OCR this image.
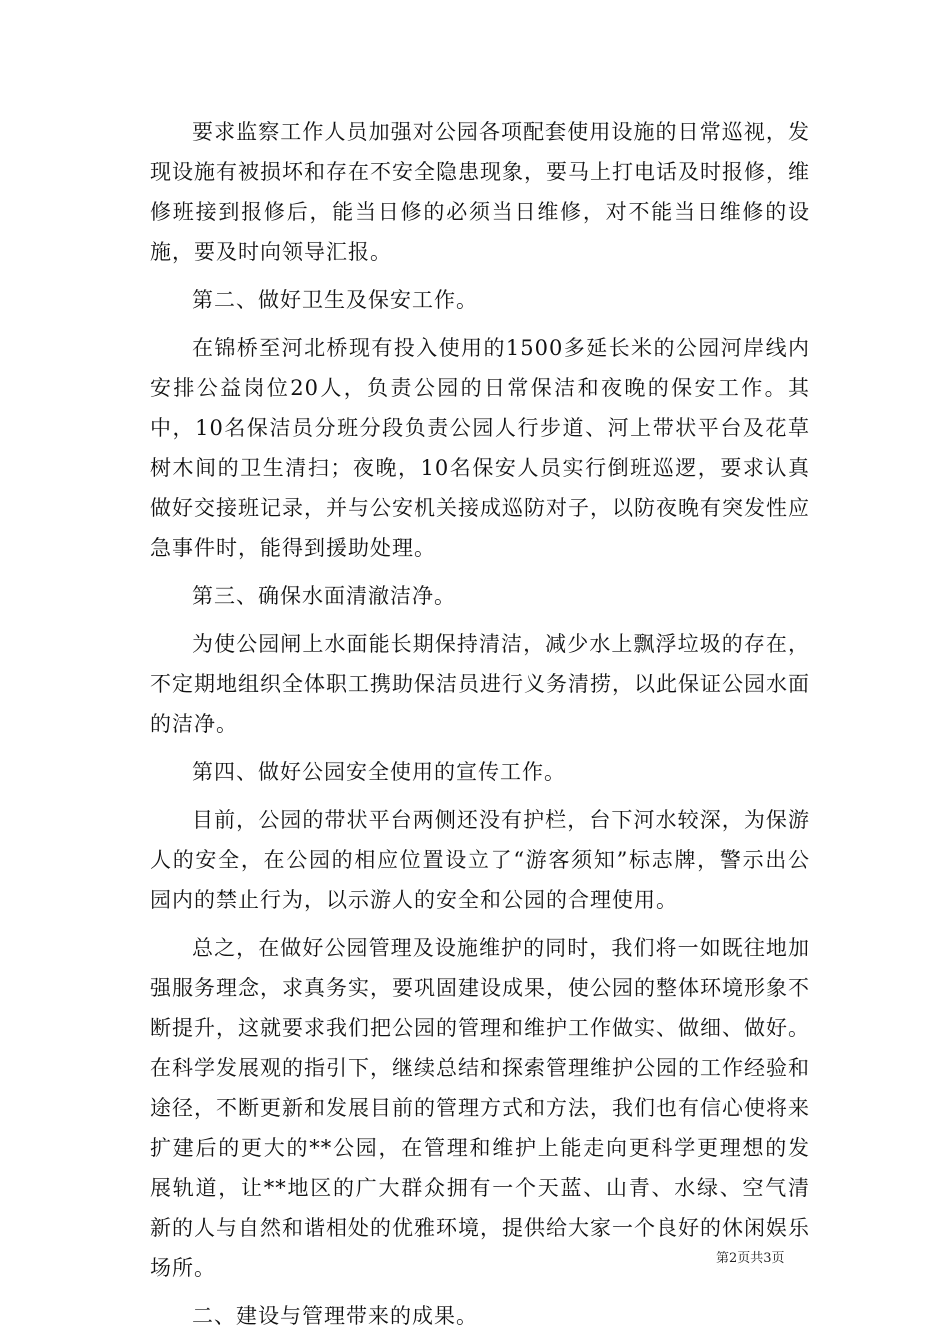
要求监察工作人员加强对公园各项配套使用设施的日常巡视，发现设施有被损坏和存在不安全隐患现象，要马上打电话及时报修，维修班接到报修后，能当日修的必须当日维修，对不能当日维修的设施，要及时向领导汇报。

第二、做好卫生及保安工作。

在锦桥至河北桥现有投入使用的1500多延长米的公园河岸线内安排公益岗位20人，负责公园的日常保洁和夜晚的保安工作。其中，10名保洁员分班分段负责公园人行步道、河上带状平台及花草树木间的卫生清扫；夜晚，10名保安人员实行倒班巡逻，要求认真做好交接班记录，并与公安机关接成巡防对子，以防夜晚有突发性应急事件时，能得到援助处理。

第三、确保水面清澈洁净。

为使公园闸上水面能长期保持清洁，减少水上飘浮垃圾的存在，不定期地组织全体职工携助保洁员进行义务清捞，以此保证公园水面的洁净。

第四、做好公园安全使用的宣传工作。

目前，公园的带状平台两侧还没有护栏，台下河水较深，为保游人的安全，在公园的相应位置设立了“游客须知”标志牌，警示出公园内的禁止行为，以示游人的安全和公园的合理使用。

总之，在做好公园管理及设施维护的同时，我们将一如既往地加强服务理念，求真务实，要巩固建设成果，使公园的整体环境形象不断提升，这就要求我们把公园的管理和维护工作做实、做细、做好。在科学发展观的指引下，继续总结和探索管理维护公园的工作经验和途径，不断更新和发展目前的管理方式和方法，我们也有信心使将来扩建后的更大的**公园，在管理和维护上能走向更科学更理想的发展轨道，让**地区的广大群众拥有一个天蓝、山青、水绿、空气清新的人与自然和谐相处的优雅环境，提供给大家一个良好的休闲娱乐场所。

二、建设与管理带来的成果。

第2页共3页
